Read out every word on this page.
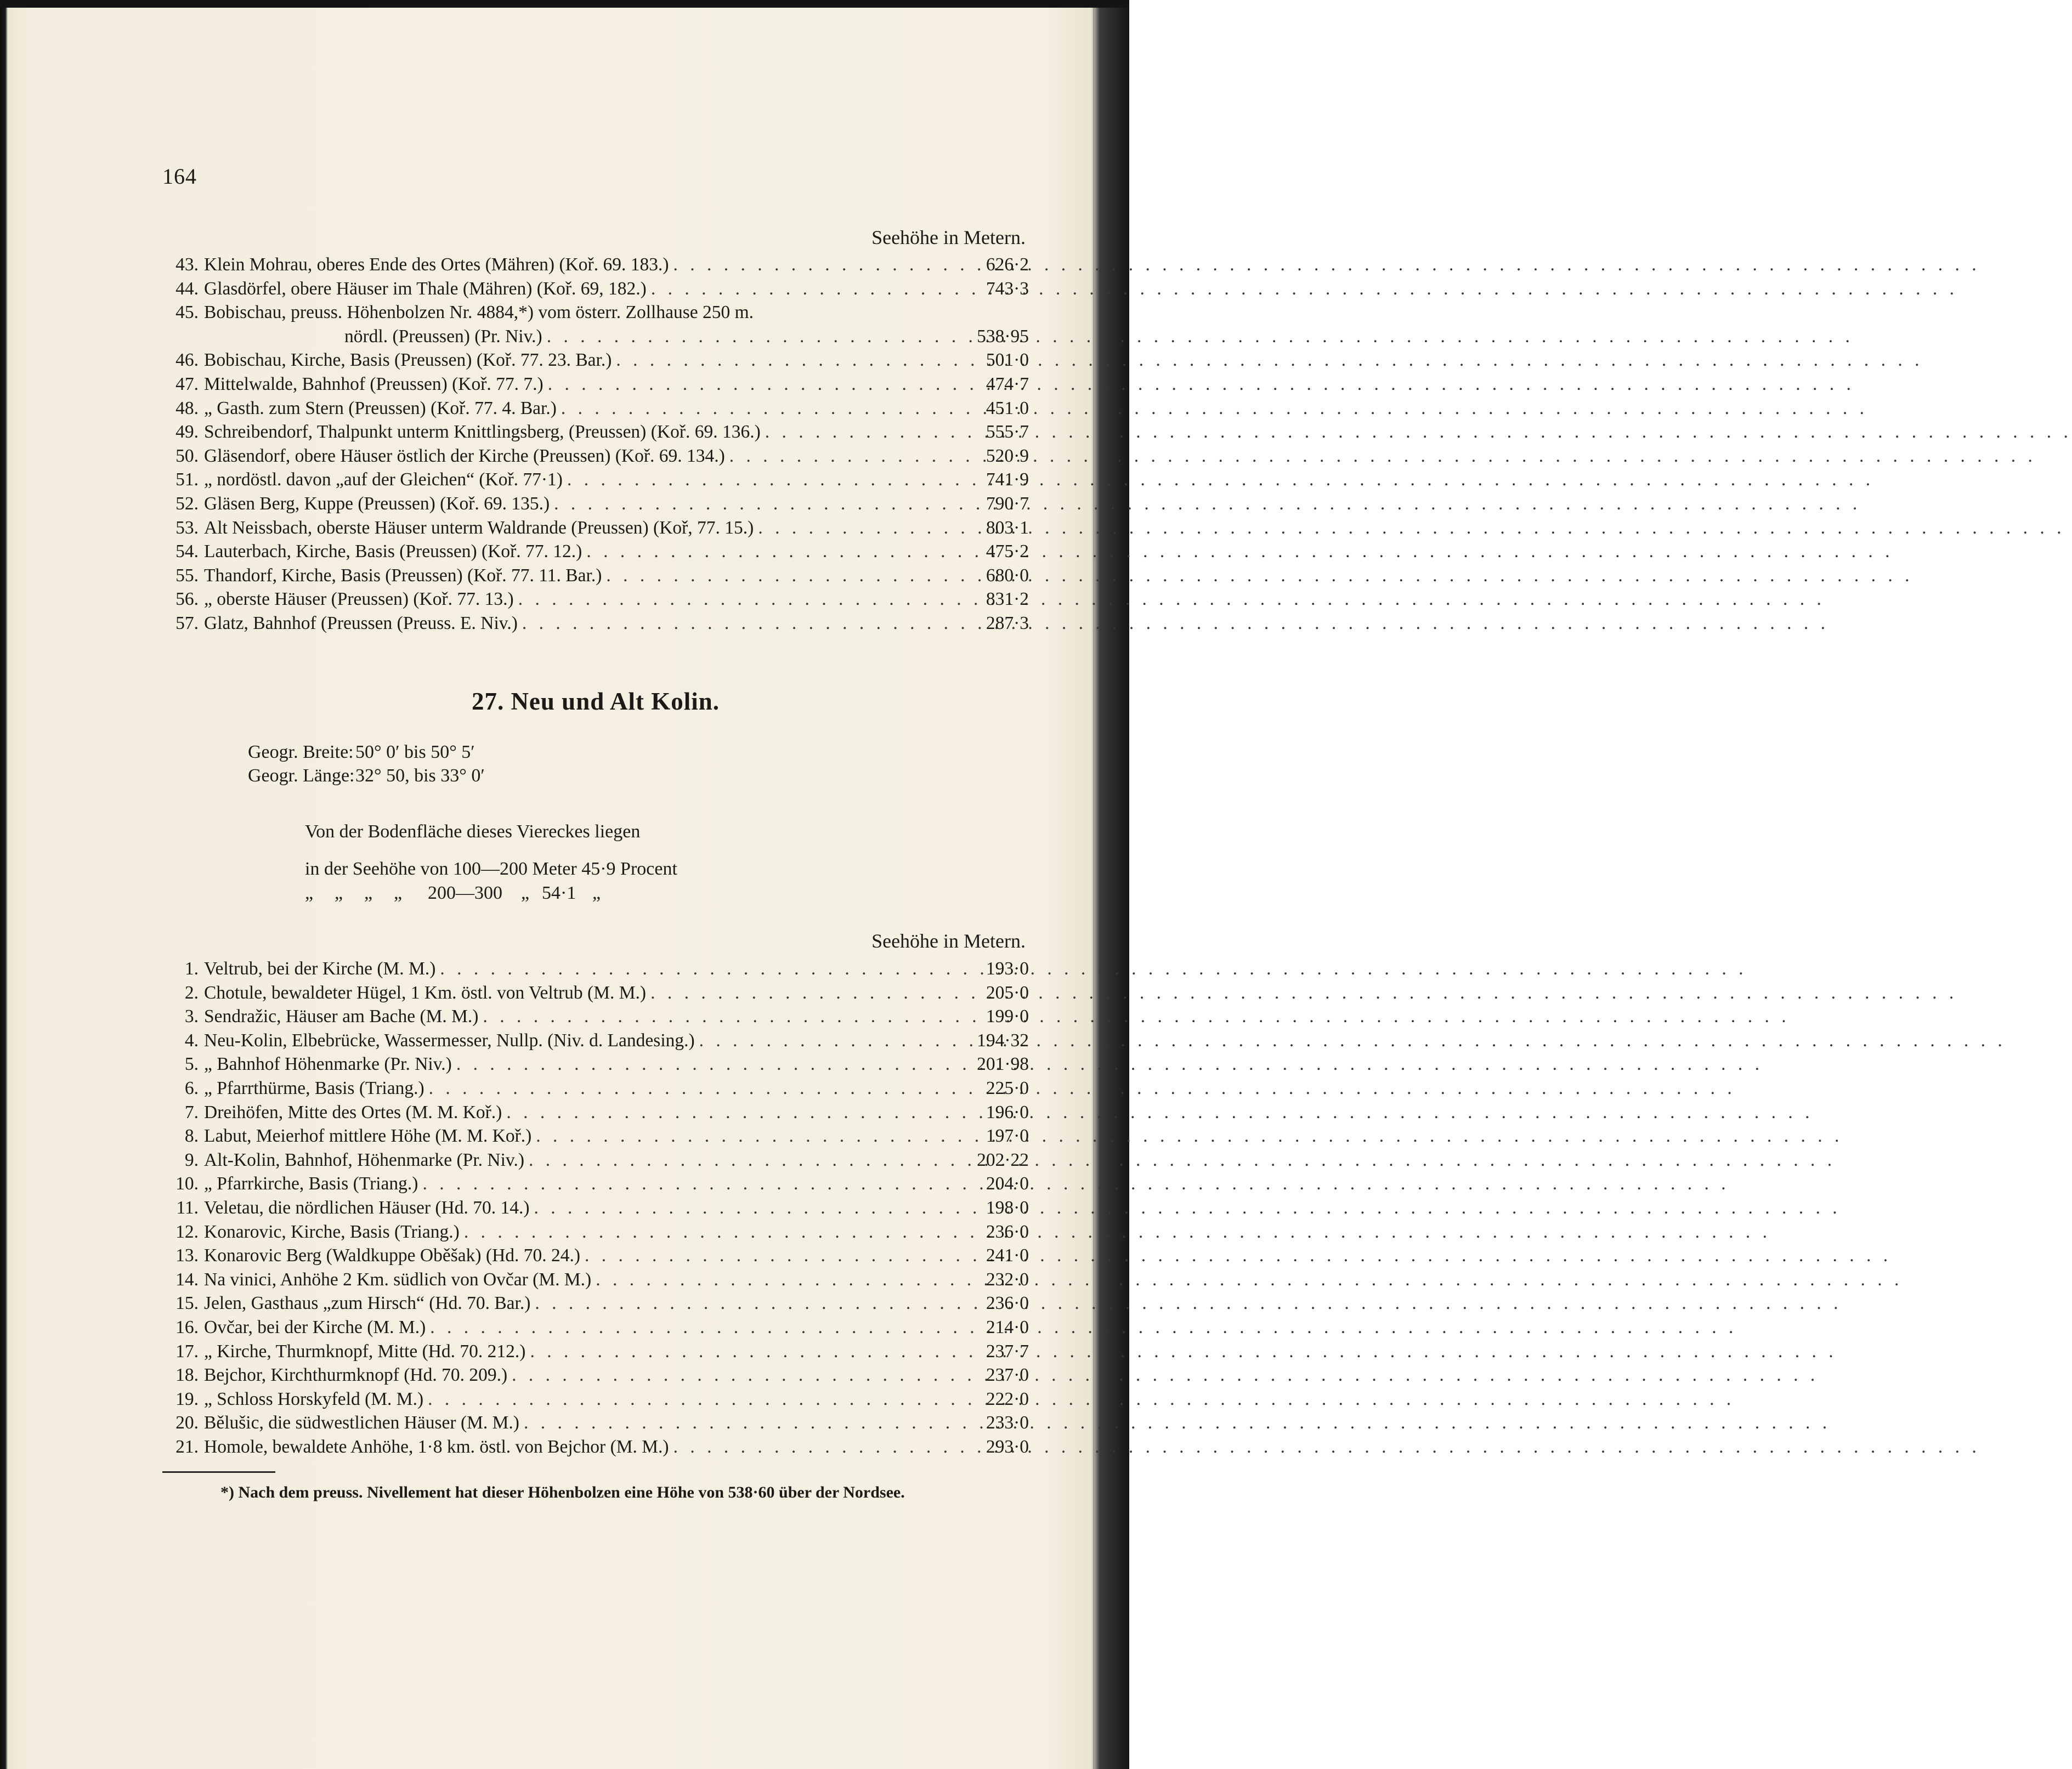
164
Seehöhe in Metern.
43. Klein Mohrau, oberes Ende des Ortes (Mähren) (Koř. 69. 183.) . . .	626·2
44. Glasdörfel, obere Häuser im Thale (Mähren) (Koř. 69, 182.) . . .	743·3
45. Bobischau, preuss. Höhenbolzen Nr. 4884,*) vom österr. Zollhause 250 m.
nördl. (Preussen) (Pr. Niv.) . . .	538·95
46. Bobischau, Kirche, Basis (Preussen) (Koř. 77. 23. Bar.) . . .	501·0
47. Mittelwalde, Bahnhof (Preussen) (Koř. 77. 7.) . . .	474·7
48. „ Gasth. zum Stern (Preussen) (Koř. 77. 4. Bar.) . . .	451·0
49. Schreibendorf, Thalpunkt unterm Knittlingsberg, (Preussen) (Koř. 69. 136.) . . .	555·7
50. Gläsendorf, obere Häuser östlich der Kirche (Preussen) (Koř. 69. 134.) . . .	520·9
51. „ nordöstl. davon „auf der Gleichen“ (Koř. 77·1) . . .	741·9
52. Gläsen Berg, Kuppe (Preussen) (Koř. 69. 135.) . . .	790·7
53. Alt Neissbach, oberste Häuser unterm Waldrande (Preussen) (Koř, 77. 15.) . . .	803·1
54. Lauterbach, Kirche, Basis (Preussen) (Koř. 77. 12.) . . .	475·2
55. Thandorf, Kirche, Basis (Preussen) (Koř. 77. 11. Bar.) . . .	680·0
56. „ oberste Häuser (Preussen) (Koř. 77. 13.) . . .	831·2
57. Glatz, Bahnhof (Preussen (Preuss. E. Niv.) . . .	287·3
27. Neu und Alt Kolin.
Geogr. Breite:50° 0′ bis 50° 5′
Geogr. Länge:32° 50, bis 33° 0′
Von der Bodenfläche dieses Viereckes liegen
in der Seehöhe von 100—200 Meter 45·9 Procent
„ „ „ „ 200—300 „ 54·1 „
Seehöhe in Metern.
1. Veltrub, bei der Kirche (M. M.) . . .	193·0
2. Chotule, bewaldeter Hügel, 1 Km. östl. von Veltrub (M. M.) . . .	205·0
3. Sendražic, Häuser am Bache (M. M.) . . .	199·0
4. Neu-Kolin, Elbebrücke, Wassermesser, Nullp. (Niv. d. Landesing.) . . .	194·32
5. „ Bahnhof Höhenmarke (Pr. Niv.) . . .	201·98
6. „ Pfarrthürme, Basis (Triang.) . . .	225·0
7. Dreihöfen, Mitte des Ortes (M. M. Koř.) . . .	196·0
8. Labut, Meierhof mittlere Höhe (M. M. Koř.) . . .	197·0
9. Alt-Kolin, Bahnhof, Höhenmarke (Pr. Niv.) . . .	202·22
10. „ Pfarrkirche, Basis (Triang.) . . .	204·0
11. Veletau, die nördlichen Häuser (Hd. 70. 14.) . . .	198·0
12. Konarovic, Kirche, Basis (Triang.) . . .	236·0
13. Konarovic Berg (Waldkuppe Oběšak) (Hd. 70. 24.) . . .	241·0
14. Na vinici, Anhöhe 2 Km. südlich von Ovčar (M. M.) . . .	232·0
15. Jelen, Gasthaus „zum Hirsch“ (Hd. 70. Bar.) . . .	236·0
16. Ovčar, bei der Kirche (M. M.) . . .	214·0
17. „ Kirche, Thurmknopf, Mitte (Hd. 70. 212.) . . .	237·7
18. Bejchor, Kirchthurmknopf (Hd. 70. 209.) . . .	237·0
19. „ Schloss Horskyfeld (M. M.) . . .	222·0
20. Bělušic, die südwestlichen Häuser (M. M.) . . .	233·0
21. Homole, bewaldete Anhöhe, 1·8 km. östl. von Bejchor (M. M.) . . .	293·0
*) Nach dem preuss. Nivellement hat dieser Höhenbolzen eine Höhe von 538·60 über der Nordsee.
